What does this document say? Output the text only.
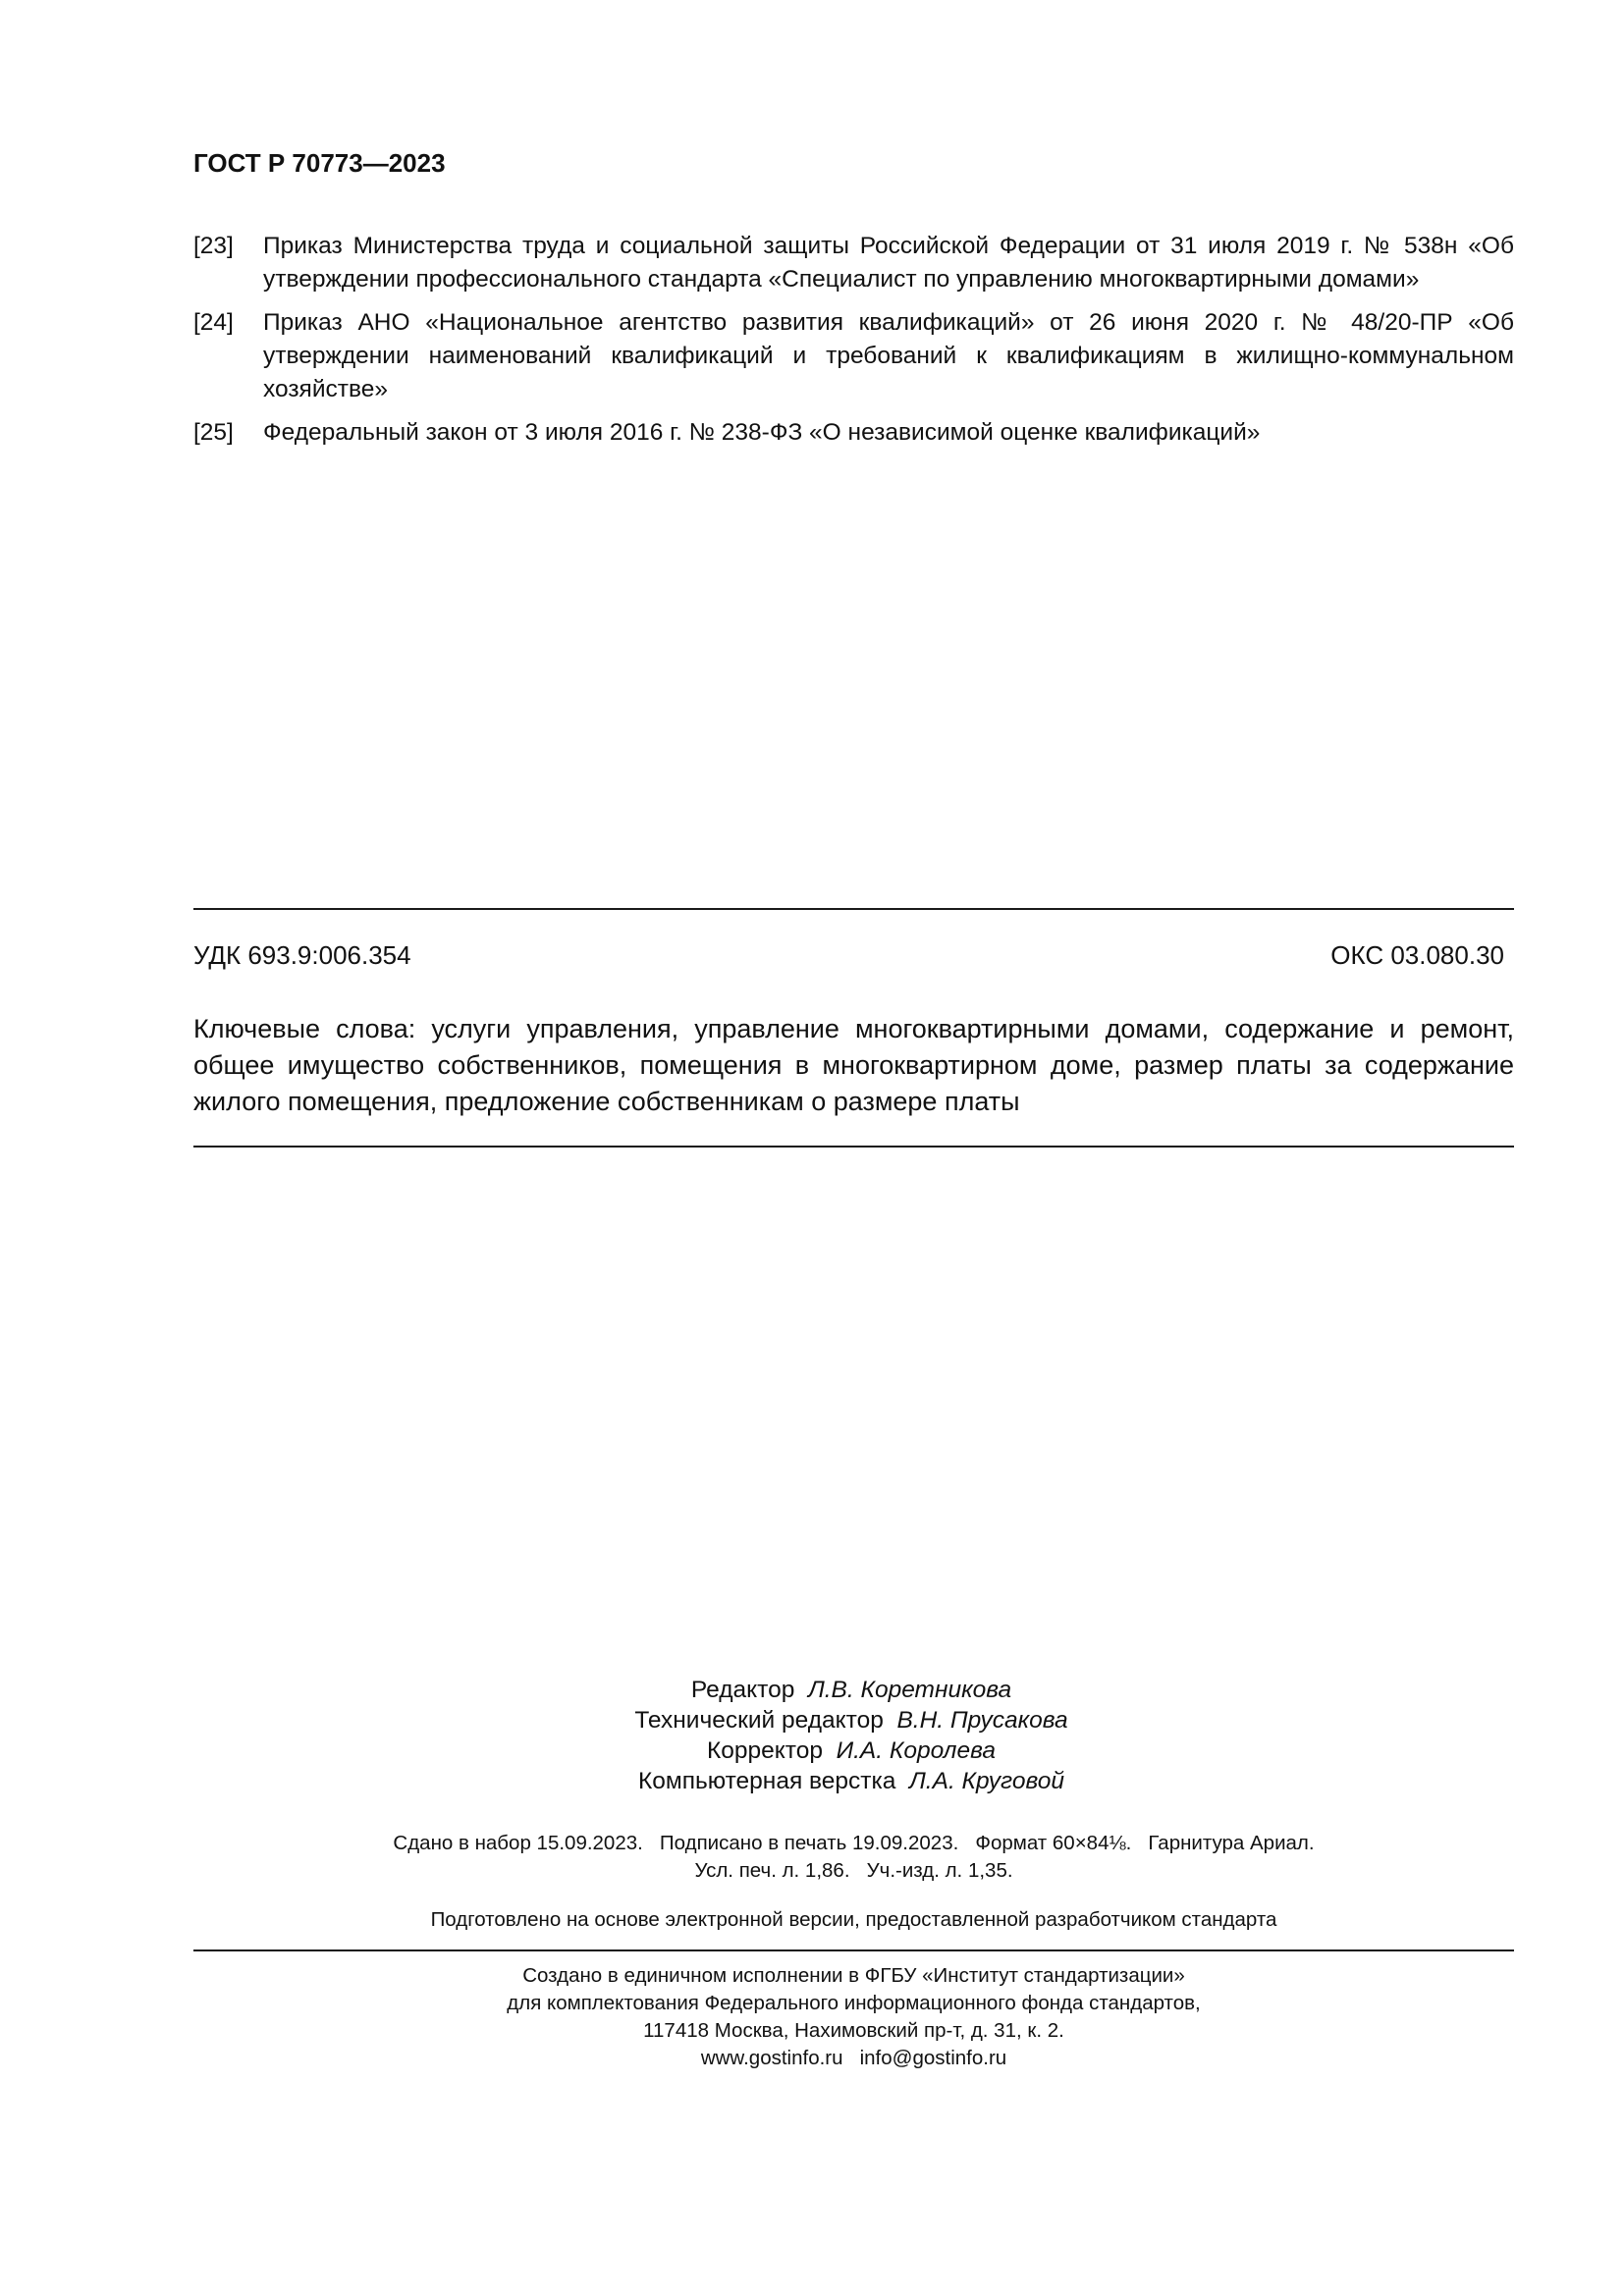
ГОСТ Р 70773—2023
[23]	Приказ Министерства труда и социальной защиты Российской Федерации от 31 июля 2019 г. № 538н «Об утверждении профессионального стандарта «Специалист по управлению многоквартирными домами»
[24]	Приказ АНО «Национальное агентство развития квалификаций» от 26 июня 2020 г. № 48/20-ПР «Об утверждении наименований квалификаций и требований к квалификациям в жилищно-коммунальном хозяйстве»
[25]	Федеральный закон от 3 июля 2016 г. № 238-ФЗ «О независимой оценке квалификаций»
УДК 693.9:006.354	ОКС 03.080.30
Ключевые слова: услуги управления, управление многоквартирными домами, содержание и ремонт, общее имущество собственников, помещения в многоквартирном доме, размер платы за содержание жилого помещения, предложение собственникам о размере платы
Редактор Л.В. Коретникова
Технический редактор В.Н. Прусакова
Корректор И.А. Королева
Компьютерная верстка Л.А. Круговой
Сдано в набор 15.09.2023.   Подписано в печать 19.09.2023.   Формат 60×84⅛.   Гарнитура Ариал.
Усл. печ. л. 1,86.   Уч.-изд. л. 1,35.
Подготовлено на основе электронной версии, предоставленной разработчиком стандарта
Создано в единичном исполнении в ФГБУ «Институт стандартизации»
для комплектования Федерального информационного фонда стандартов,
117418 Москва, Нахимовский пр-т, д. 31, к. 2.
www.gostinfo.ru   info@gostinfo.ru
